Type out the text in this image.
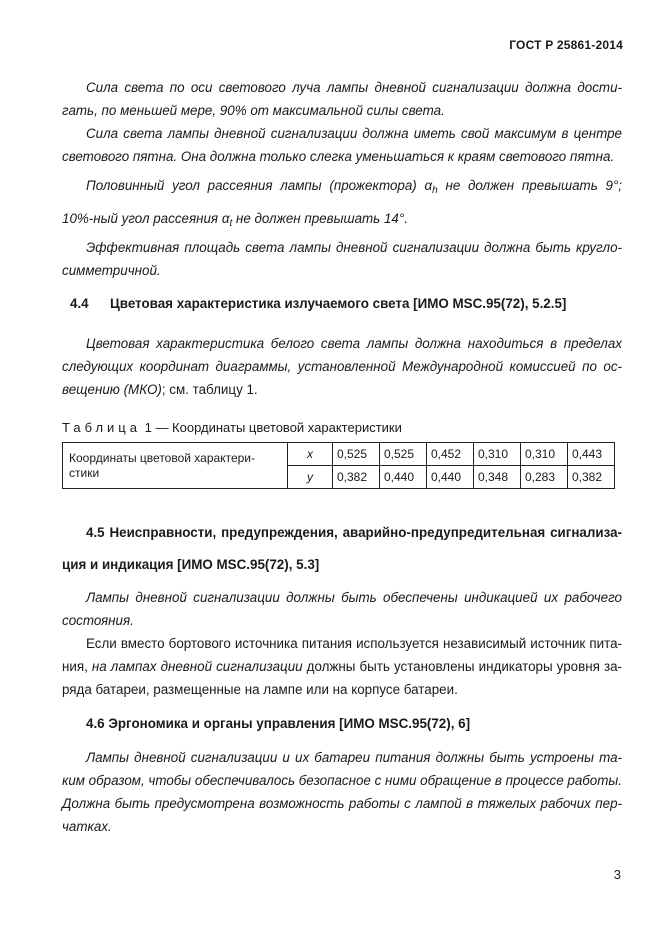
ГОСТ Р 25861-2014
Сила света по оси светового луча лампы дневной сигнализации должна дости-
гать, по меньшей мере, 90% от максимальной силы света.
Сила света лампы дневной сигнализации должна иметь свой максимум в центре
светового пятна. Она должна только слегка уменьшаться к краям светового пятна.
Половинный угол рассеяния лампы (прожектора) $\alpha_h$ не должен превышать 9°;
10%-ный угол рассеяния $\alpha_t$ не должен превышать 14°.
Эффективная площадь света лампы дневной сигнализации должна быть кругло-
симметричной.
4.4 Цветовая характеристика излучаемого света [ИМО MSC.95(72), 5.2.5]
Цветовая характеристика белого света лампы должна находиться в пределах
следующих координат диаграммы, установленной Международной комиссией по ос-
вещению (МКО); см. таблицу 1.
Таблица 1 — Координаты цветовой характеристики
Координаты цветовой характери-стики	x	0,525	0,525	0,452	0,310	0,310	0,443
	y	0,382	0,440	0,440	0,348	0,283	0,382
4.5 Неисправности, предупреждения, аварийно-предупредительная сигнализа-
ция и индикация [ИМО MSC.95(72), 5.3]
Лампы дневной сигнализации должны быть обеспечены индикацией их рабочего
состояния.
Если вместо бортового источника питания используется независимый источник пита-
ния, на лампах дневной сигнализации должны быть установлены индикаторы уровня за-
ряда батареи, размещенные на лампе или на корпусе батареи.
4.6 Эргономика и органы управления [ИМО MSC.95(72), 6]
Лампы дневной сигнализации и их батареи питания должны быть устроены та-
ким образом, чтобы обеспечивалось безопасное с ними обращение в процессе работы.
Должна быть предусмотрена возможность работы с лампой в тяжелых рабочих пер-
чатках.
3
